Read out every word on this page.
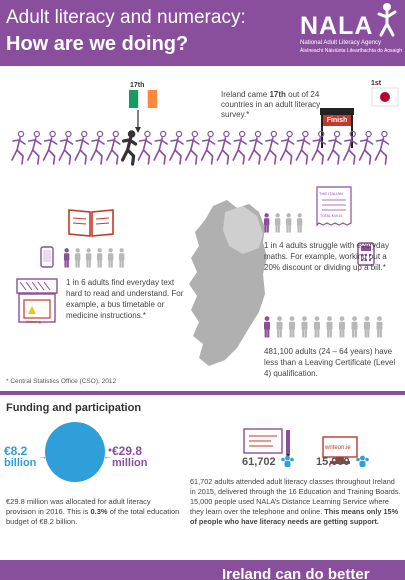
Adult literacy and numeracy:
How are we doing?
NALA
National Adult Literacy Agency
Áisíneacht Náisiúnta Litearthachta do Aosaigh
17th
Ireland came 17th out of 24 countries in an adult literacy survey.*
1st
Finish
Warning
1 in 6 adults find everyday text hard to read and understand. For example, a bus timetable or medicine instructions.*
THE ITALIAN
TOTAL €49.15
1 in 4 adults struggle with everyday maths. For example, working out a 20% discount or dividing up a bill.*
481,100 adults (24 – 64 years) have less than a Leaving Certificate (Level 4) qualification.
* Central Statistics Office (CSO), 2012
Funding and participation
€8.2
billion
→	← €29.8
million
€29.8 million was allocated for adult literacy provision in 2016. This is 0.3% of the total education budget of €8.2 billion.
writeon.ie
61,702	15,000
61,702 adults attended adult literacy classes throughout Ireland in 2015, delivered through the 16 Education and Training Boards. 15,000 people used NALA’s Distance Learning Service where they learn over the telephone and online. This means only 15% of people who have literacy needs are getting support.
Ireland can do better
